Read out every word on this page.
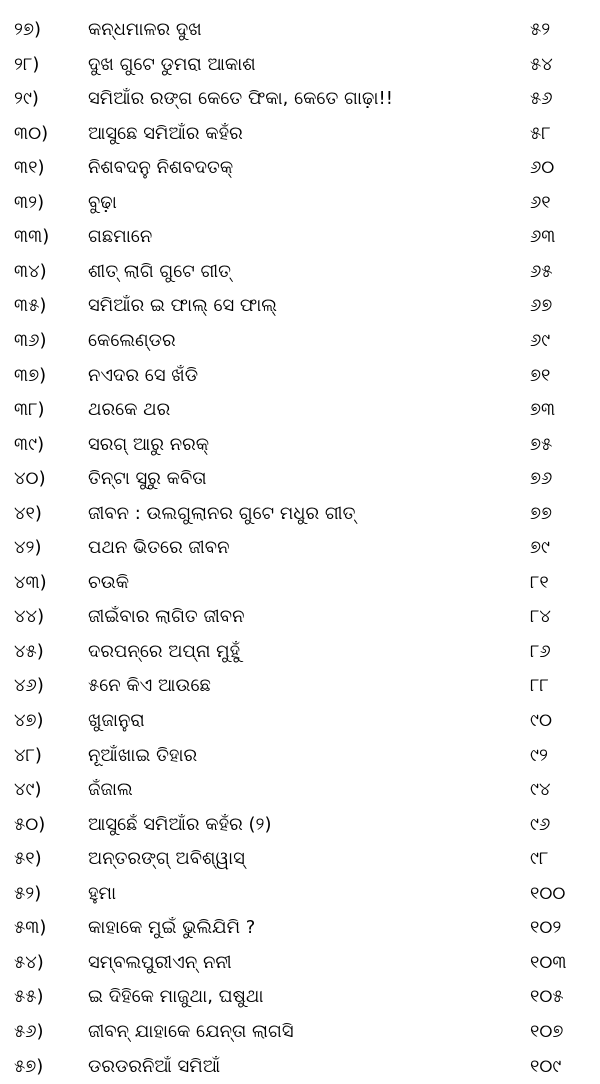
୨୭)	କନ୍ଧମାଳର ଦୁଖ	୫୨
୨୮)	ଦୁଖ ଗୁଟେ ଡୁମରା ଆକାଶ	୫୪
୨୯)	ସମିଆଁର ରଙ୍ଗ କେତେ ଫିକା, କେତେ ଗାଢ଼ା!!	୫୬
୩୦)	ଆସୁଛେ ସମିଆଁର କହଁର	୫୮
୩୧)	ନିଶବଦନୁ ନିଶବଦତକ୍	୬୦
୩୨)	ବୁଢ଼ା	୬୧
୩୩)	ଗଛମାନେ	୬୩
୩୪)	ଶୀତ୍ ଲାଗି ଗୁଟେ ଗୀତ୍	୬୫
୩୫)	ସମିଆଁର ଇ ଫାଲ୍ ସେ ଫାଲ୍	୬୭
୩୬)	କେଲେଣ୍ଡର	୬୯
୩୭)	ନଏଦର ସେ ଖଁଡି	୭୧
୩୮)	ଥରକେ ଥର	୭୩
୩୯)	ସରଗ୍ ଆରୁ ନରକ୍	୭୫
୪୦)	ତିନ୍‌ଟା ସୁରୁ କବିତା	୭୬
୪୧)	ଜୀବନ : ଉଲଗୁଲାନର ଗୁଟେ ମଧୁର ଗୀତ୍	୭୭
୪୨)	ପଥନ ଭିତରେ ଜୀବନ	୭୯
୪୩)	ଚଉକି	୮୧
୪୪)	ଜୀଇଁବାର ଲାଗିତ ଜୀବନ	୮୪
୪୫)	ଦରପନ୍‌ରେ ଅପ୍‌ନା ମୁହୁଁ	୮୬
୪୬)	୫ନେ କିଏ ଆଉଛେ	୮୮
୪୭)	ଖୁଜାନୁରା	୯୦
୪୮)	ନୂଆଁଖାଇ ତିହାର	୯୨
୪୯)	ଜଁଜାଲ	୯୪
୫୦)	ଆସୁଛେଁ ସମିଆଁର କହଁର (୨)	୯୬
୫୧)	ଅନ୍ତରଙ୍ଗ୍ ଅବିଶ୍ୱାସ୍	୯୮
୫୨)	ହୁମା	୧୦୦
୫୩)	କାହାକେ ମୁଇଁ ଭୁଲିଯିମି ?	୧୦୨
୫୪)	ସମ୍ବଲପୁରୀଏନ୍ ନନୀ	୧୦୩
୫୫)	ଇ ଦିହିକେ ମାଜୁଥା, ଘଷୁଥା	୧୦୫
୫୬)	ଜୀବନ୍ ଯାହାକେ ଯେନ୍‌ତା ଲାଗସି	୧୦୭
୫୭)	ଡରଡରନିଆଁ ସମିଆଁ	୧୦୯
